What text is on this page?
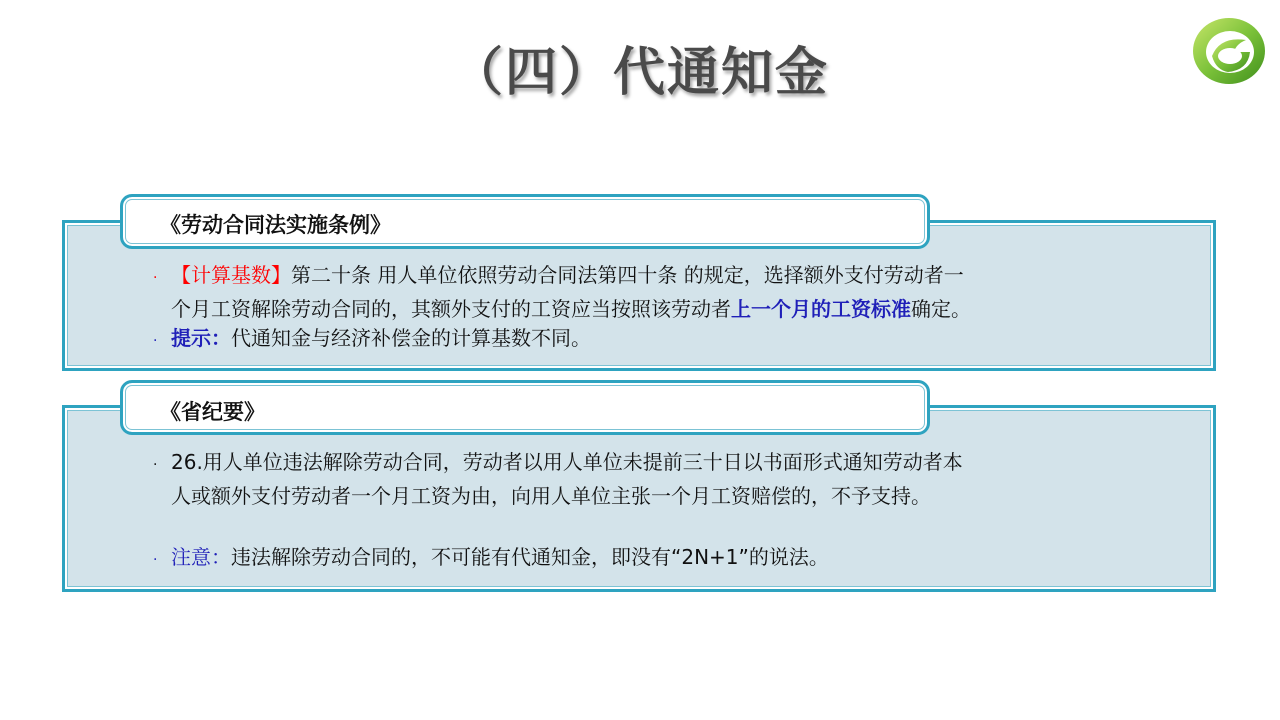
（四）代通知金
《劳动合同法实施条例》
· 【计算基数】第二十条 用人单位依照劳动合同法第四十条 的规定，选择额外支付劳动者一
个月工资解除劳动合同的，其额外支付的工资应当按照该劳动者上一个月的工资标准确定。
· 提示：代通知金与经济补偿金的计算基数不同。
《省纪要》
· 26.用人单位违法解除劳动合同，劳动者以用人单位未提前三十日以书面形式通知劳动者本
人或额外支付劳动者一个月工资为由，向用人单位主张一个月工资赔偿的，不予支持。
· 注意：违法解除劳动合同的，不可能有代通知金，即没有“2N+1”的说法。
